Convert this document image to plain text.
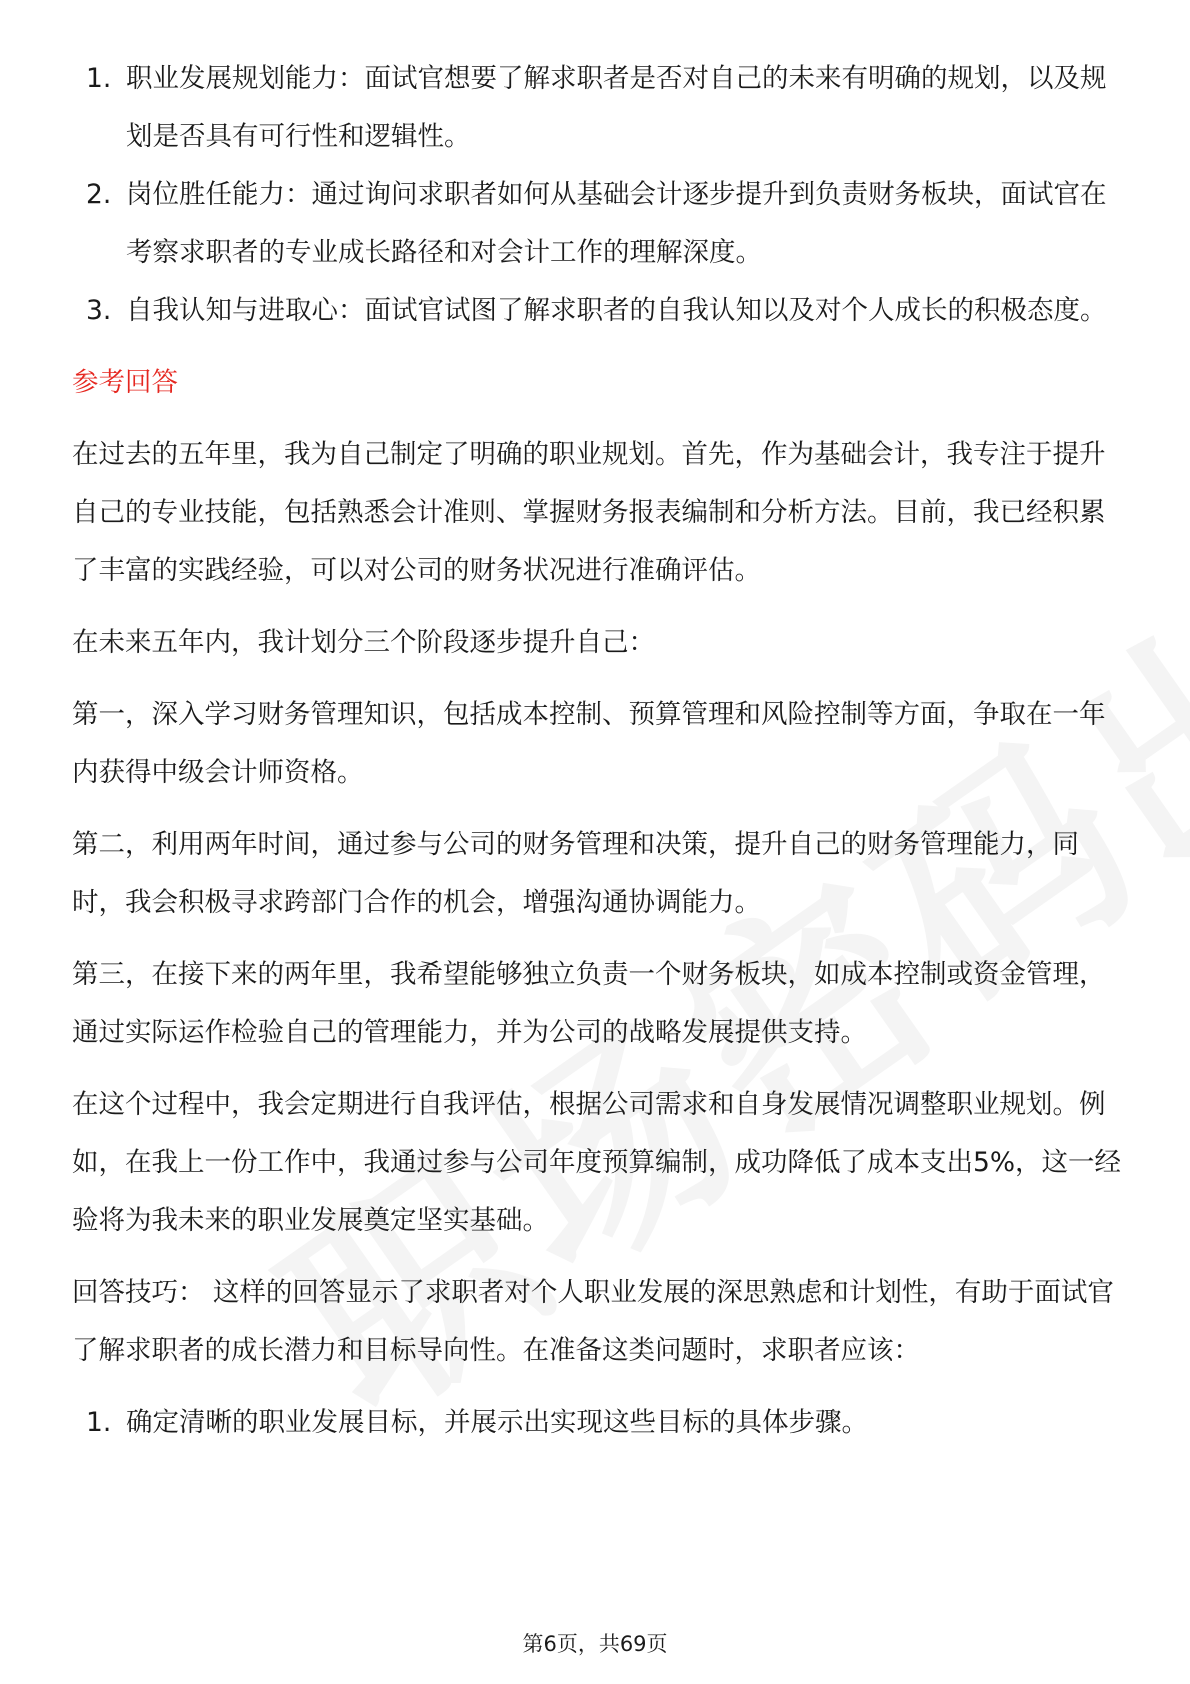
1. 职业发展规划能力：面试官想要了解求职者是否对自己的未来有明确的规划，以及规划是否具有可行性和逻辑性。
2. 岗位胜任能力：通过询问求职者如何从基础会计逐步提升到负责财务板块，面试官在考察求职者的专业成长路径和对会计工作的理解深度。
3. 自我认知与进取心：面试官试图了解求职者的自我认知以及对个人成长的积极态度。
参考回答

在过去的五年里，我为自己制定了明确的职业规划。首先，作为基础会计，我专注于提升自己的专业技能，包括熟悉会计准则、掌握财务报表编制和分析方法。目前，我已经积累了丰富的实践经验，可以对公司的财务状况进行准确评估。

在未来五年内，我计划分三个阶段逐步提升自己：

第一，深入学习财务管理知识，包括成本控制、预算管理和风险控制等方面，争取在一年内获得中级会计师资格。

第二，利用两年时间，通过参与公司的财务管理和决策，提升自己的财务管理能力，同时，我会积极寻求跨部门合作的机会，增强沟通协调能力。

第三，在接下来的两年里，我希望能够独立负责一个财务板块，如成本控制或资金管理，通过实际运作检验自己的管理能力，并为公司的战略发展提供支持。

在这个过程中，我会定期进行自我评估，根据公司需求和自身发展情况调整职业规划。例如，在我上一份工作中，我通过参与公司年度预算编制，成功降低了成本支出5%，这一经验将为我未来的职业发展奠定坚实基础。

回答技巧： 这样的回答显示了求职者对个人职业发展的深思熟虑和计划性，有助于面试官了解求职者的成长潜力和目标导向性。在准备这类问题时，求职者应该：

1. 确定清晰的职业发展目标，并展示出实现这些目标的具体步骤。
第6页，共69页
